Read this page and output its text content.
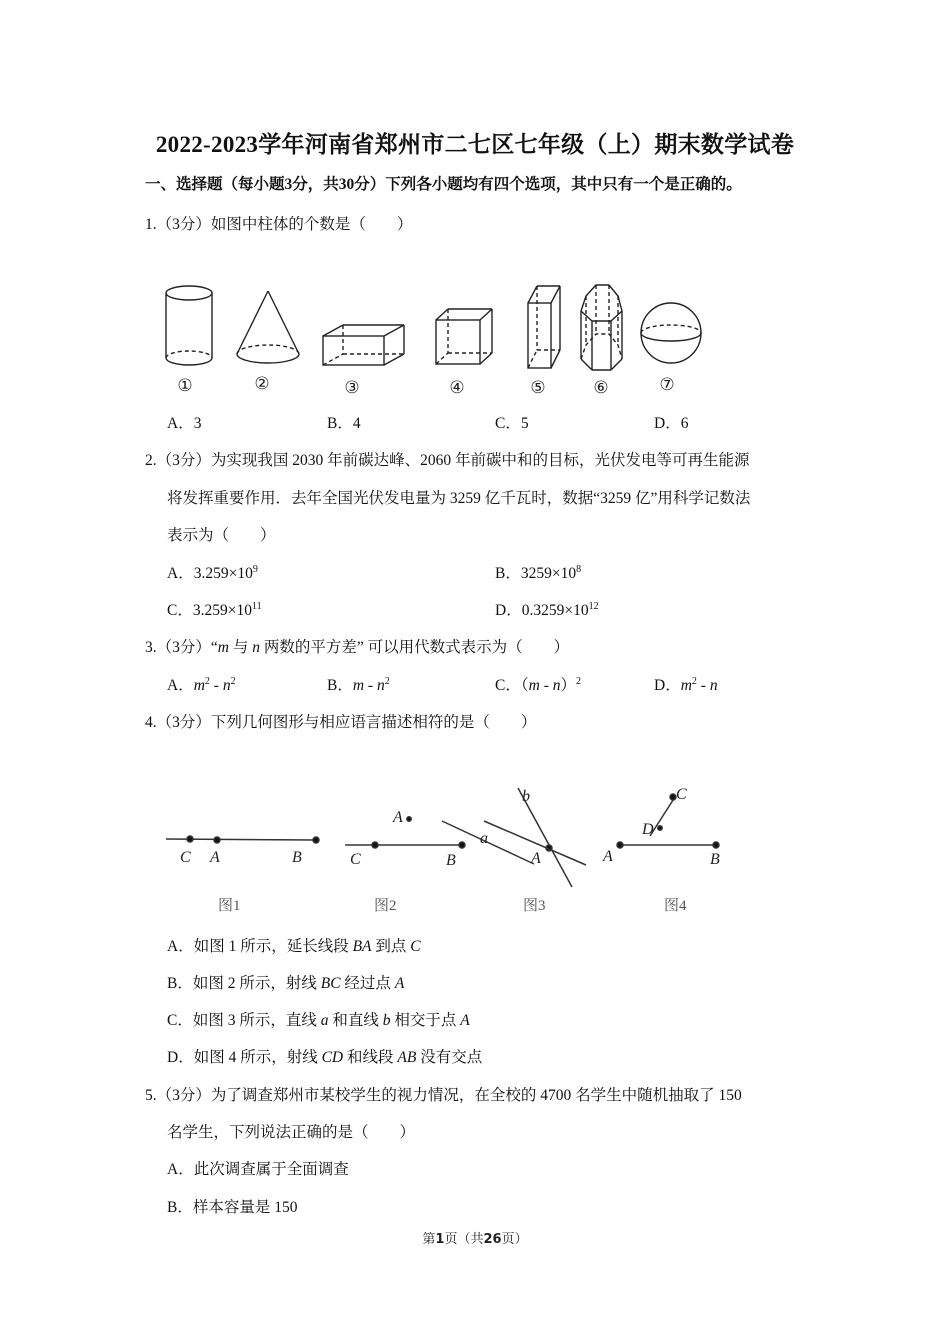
2022-2023学年河南省郑州市二七区七年级（上）期末数学试卷
一、选择题（每小题3分，共30分）下列各小题均有四个选项，其中只有一个是正确的。
1.（3分）如图中柱体的个数是（　　）
①	②	③	④	⑤	⑥	⑦
A．3	B．4	C．5	D．6
2.（3分）为实现我国 2030 年前碳达峰、2060 年前碳中和的目标，光伏发电等可再生能源
将发挥重要作用．去年全国光伏发电量为 3259 亿千瓦时，数据“3259 亿”用科学记数法
表示为（　　）
A．$3.259\times 10^9$	B．$3259\times 10^8$
C．$3.259\times 10^{11}$	D．$0.3259\times 10^{12}$
3.（3分）“m 与 n 两数的平方差” 可以用代数式表示为（　　）
A．$m^2 - n^2$	B．m - $n^2$	C．（m - n）$^2$	D．$m^2$ - n
4.（3分）下列几何图形与相应语言描述相符的是（　　）
C A	B
A
C	B
a
b
A
C
D
A	B
图1	图2	图3	图4
A．如图 1 所示，延长线段 BA 到点 C
B．如图 2 所示，射线 BC 经过点 A
C．如图 3 所示，直线 a 和直线 b 相交于点 A
D．如图 4 所示，射线 CD 和线段 AB 没有交点
5.（3分）为了调查郑州市某校学生的视力情况，在全校的 4700 名学生中随机抽取了 150
名学生，下列说法正确的是（　　）
A．此次调查属于全面调查
B．样本容量是 150
第1页（共26页）
